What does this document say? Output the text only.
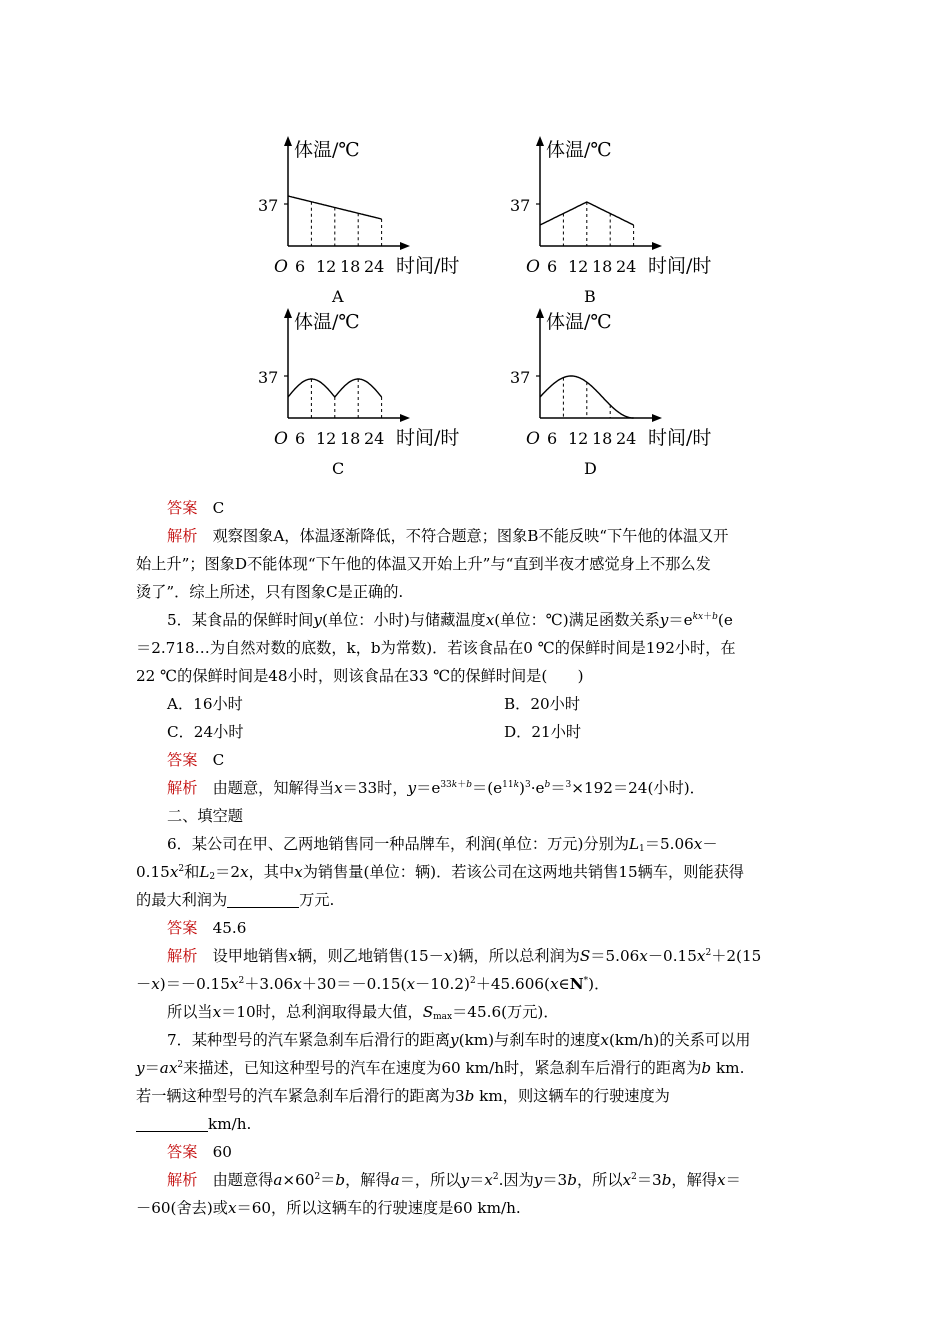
体温/℃
37
O 6 12 18 24 时间/时
A
体温/℃
37
O 6 12 18 24 时间/时
B
体温/℃
37
O 6 12 18 24 时间/时
C
体温/℃
37
O 6 12 18 24 时间/时
D

答案　 C

解析　 观察图象A，体温逐渐降低，不符合题意；图象B不能反映“下午他的体温又开

始上升”；图象D不能体现“下午他的体温又开始上升”与“直到半夜才感觉身上不那么发

烫了”．综上所述，只有图象C是正确的.

5．某食品的保鲜时间y(单位：小时)与储藏温度x(单位：℃)满足函数关系$y=e^{kx+b}(e$

＝2.718…为自然对数的底数，k，b为常数)．若该食品在0 ℃的保鲜时间是192小时，在

22 ℃的保鲜时间是48小时，则该食品在33 ℃的保鲜时间是(　　)

A．16小时	B．20小时
C．24小时	D．21小时

答案　 C

解析　 由题意，知解得当x＝33时，$y=e^{33k+b}=(e^{11k})^3\cdot e^b=^3\times 192=24$(小时)．

二、填空题

6．某公司在甲、乙两地销售同一种品牌车，利润(单位：万元)分别为$L_1=5.06x-$

$0.15x^2$和$L_2=2x$，其中x为销售量(单位：辆)．若该公司在这两地共销售15辆车，则能获得

的最大利润为	万元.

答案　 45.6

解析　 设甲地销售x辆，则乙地销售(15－x)辆，所以总利润为$S=5.06x-0.15x^2+2(15$

$-x)=-0.15x^2+3.06x+30=-0.15(x-10.2)^2+45.606(x\in N^*)$．

所以当x＝10时，总利润取得最大值，$S_{max}=45.6$(万元)．

7．某种型号的汽车紧急刹车后滑行的距离y(km)与刹车时的速度x(km/h)的关系可以用

$y=ax^2$来描述，已知这种型号的汽车在速度为60 km/h时，紧急刹车后滑行的距离为b km.

若一辆这种型号的汽车紧急刹车后滑行的距离为3b km，则这辆车的行驶速度为

km/h.

答案　 60

解析　 由题意得$a\times 60^2=b$，解得a＝，所以$y=x^2$.因为y＝3b，所以$x^2=3b$，解得x＝

－60(舍去)或x＝60，所以这辆车的行驶速度是60 km/h.
